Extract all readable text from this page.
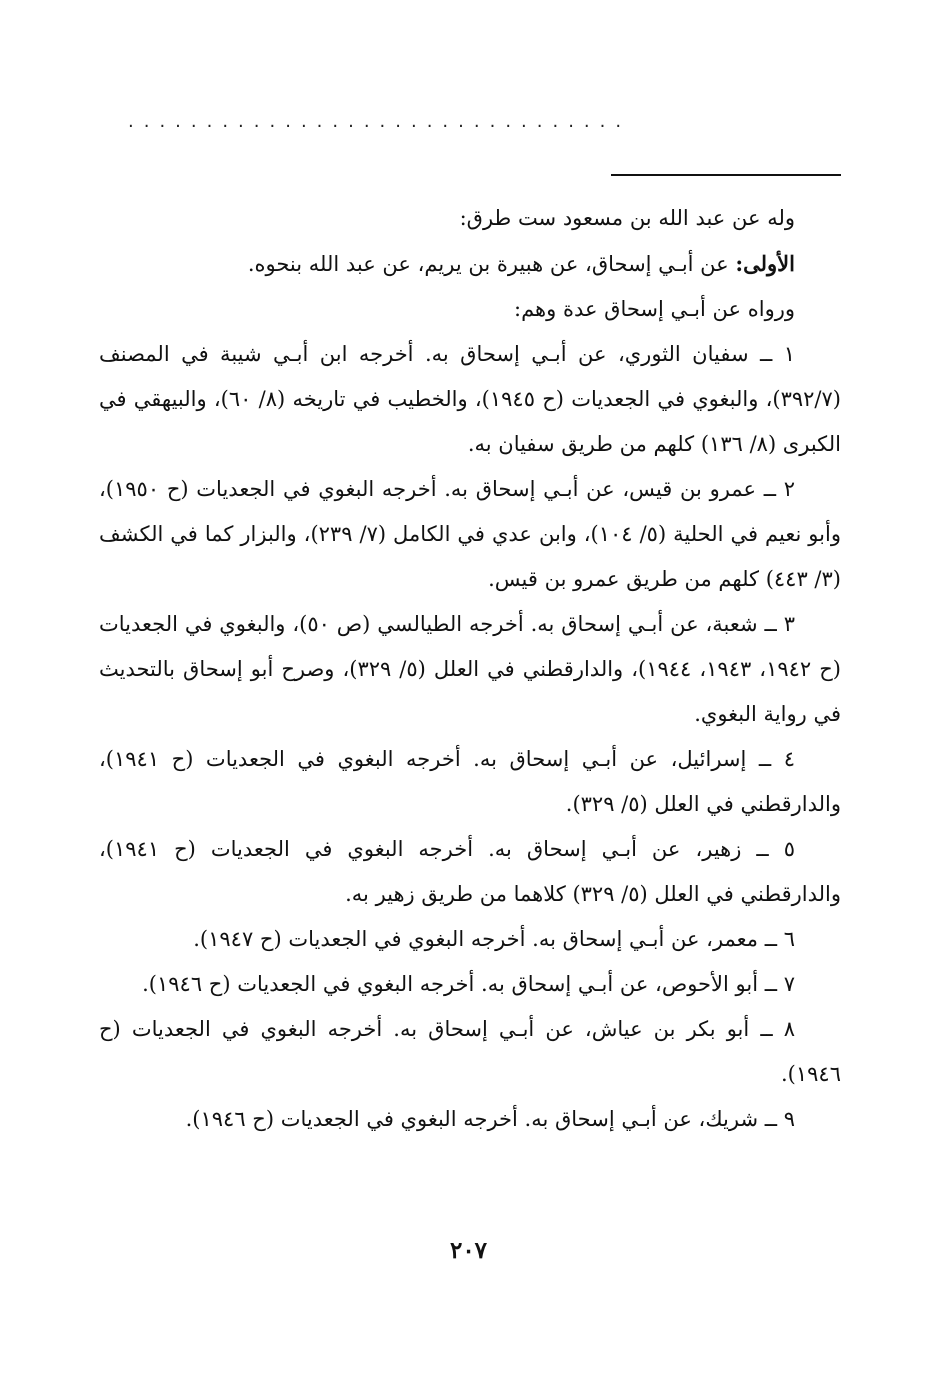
................................

وله عن عبد الله بن مسعود ست طرق:

الأولى: عن أبـي إسحاق، عن هبيرة بن يريم، عن عبد الله بنحوه.

ورواه عن أبـي إسحاق عدة وهم:

١ ــ سفيان الثوري، عن أبـي إسحاق به. أخرجه ابن أبـي شيبة في المصنف (٣٩٢/٧)، والبغوي في الجعديات (ح ١٩٤٥)، والخطيب في تاريخه (٨/ ٦٠)، والبيهقي في الكبرى (٨/ ١٣٦) كلهم من طريق سفيان به.

٢ ــ عمرو بن قيس، عن أبـي إسحاق به. أخرجه البغوي في الجعديات (ح ١٩٥٠)، وأبو نعيم في الحلية (٥/ ١٠٤)، وابن عدي في الكامل (٧/ ٢٣٩)، والبزار كما في الكشف (٣/ ٤٤٣) كلهم من طريق عمرو بن قيس.

٣ ــ شعبة، عن أبـي إسحاق به. أخرجه الطيالسي (ص ٥٠)، والبغوي في الجعديات (ح ١٩٤٢، ١٩٤٣، ١٩٤٤)، والدارقطني في العلل (٥/ ٣٢٩)، وصرح أبو إسحاق بالتحديث في رواية البغوي.

٤ ــ إسرائيل، عن أبـي إسحاق به. أخرجه البغوي في الجعديات (ح ١٩٤١)، والدارقطني في العلل (٥/ ٣٢٩).

٥ ــ زهير، عن أبـي إسحاق به. أخرجه البغوي في الجعديات (ح ١٩٤١)، والدارقطني في العلل (٥/ ٣٢٩) كلاهما من طريق زهير به.

٦ ــ معمر، عن أبـي إسحاق به. أخرجه البغوي في الجعديات (ح ١٩٤٧).

٧ ــ أبو الأحوص، عن أبـي إسحاق به. أخرجه البغوي في الجعديات (ح ١٩٤٦).

٨ ــ أبو بكر بن عياش، عن أبـي إسحاق به. أخرجه البغوي في الجعديات (ح ١٩٤٦).

٩ ــ شريك، عن أبـي إسحاق به. أخرجه البغوي في الجعديات (ح ١٩٤٦).

٢٠٧
